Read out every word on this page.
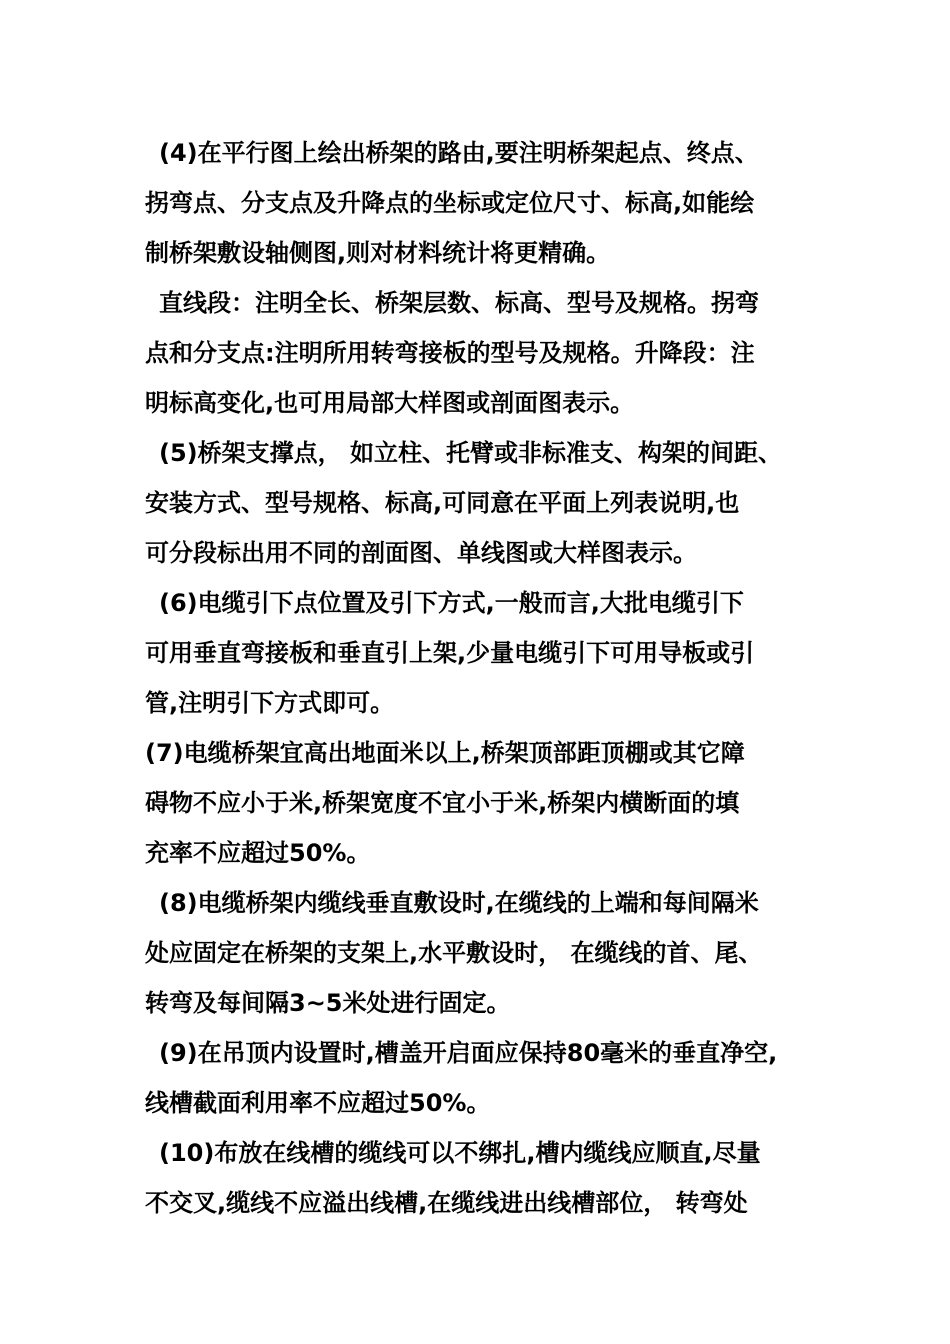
(4)在平行图上绘出桥架的路由,要注明桥架起点、终点、
拐弯点、分支点及升降点的坐标或定位尺寸、标高,如能绘
制桥架敷设轴侧图,则对材料统计将更精确。
直线段：注明全长、桥架层数、标高、型号及规格。拐弯
点和分支点:注明所用转弯接板的型号及规格。升降段：注
明标高变化,也可用局部大样图或剖面图表示。
(5)桥架支撑点， 如立柱、托臂或非标准支、构架的间距、
安装方式、型号规格、标高,可同意在平面上列表说明,也
可分段标出用不同的剖面图、单线图或大样图表示。
(6)电缆引下点位置及引下方式,一般而言,大批电缆引下
可用垂直弯接板和垂直引上架,少量电缆引下可用导板或引
管,注明引下方式即可。
(7)电缆桥架宜高出地面米以上,桥架顶部距顶棚或其它障
碍物不应小于米,桥架宽度不宜小于米,桥架内横断面的填
充率不应超过50%。
(8)电缆桥架内缆线垂直敷设时,在缆线的上端和每间隔米
处应固定在桥架的支架上,水平敷设时， 在缆线的首、尾、
转弯及每间隔3~5米处进行固定。
(9)在吊顶内设置时,槽盖开启面应保持80毫米的垂直净空,
线槽截面利用率不应超过50%。
(10)布放在线槽的缆线可以不绑扎,槽内缆线应顺直,尽量
不交叉,缆线不应溢出线槽,在缆线进出线槽部位， 转弯处
